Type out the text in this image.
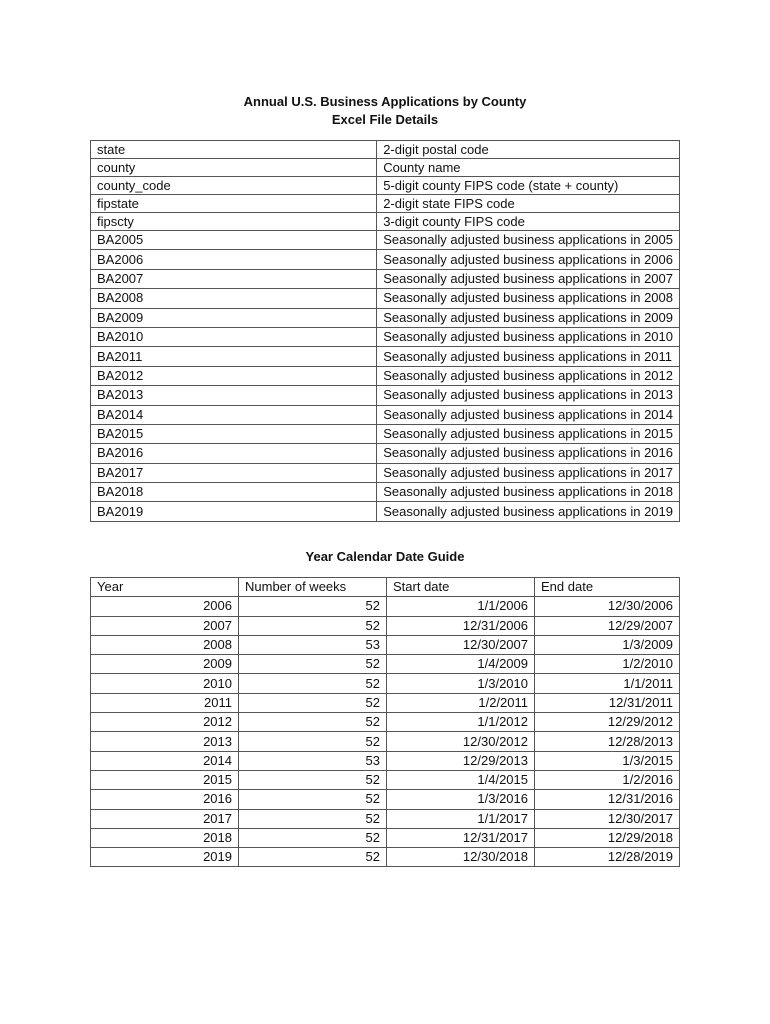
Annual U.S. Business Applications by County
Excel File Details
state	2-digit postal code
county	County name
county_code	5-digit county FIPS code (state + county)
fipstate	2-digit state FIPS code
fipscty	3-digit county FIPS code
BA2005	Seasonally adjusted business applications in 2005
BA2006	Seasonally adjusted business applications in 2006
BA2007	Seasonally adjusted business applications in 2007
BA2008	Seasonally adjusted business applications in 2008
BA2009	Seasonally adjusted business applications in 2009
BA2010	Seasonally adjusted business applications in 2010
BA2011	Seasonally adjusted business applications in 2011
BA2012	Seasonally adjusted business applications in 2012
BA2013	Seasonally adjusted business applications in 2013
BA2014	Seasonally adjusted business applications in 2014
BA2015	Seasonally adjusted business applications in 2015
BA2016	Seasonally adjusted business applications in 2016
BA2017	Seasonally adjusted business applications in 2017
BA2018	Seasonally adjusted business applications in 2018
BA2019	Seasonally adjusted business applications in 2019
Year Calendar Date Guide
Year	Number of weeks	Start date	End date
2006	52	1/1/2006	12/30/2006
2007	52	12/31/2006	12/29/2007
2008	53	12/30/2007	1/3/2009
2009	52	1/4/2009	1/2/2010
2010	52	1/3/2010	1/1/2011
2011	52	1/2/2011	12/31/2011
2012	52	1/1/2012	12/29/2012
2013	52	12/30/2012	12/28/2013
2014	53	12/29/2013	1/3/2015
2015	52	1/4/2015	1/2/2016
2016	52	1/3/2016	12/31/2016
2017	52	1/1/2017	12/30/2017
2018	52	12/31/2017	12/29/2018
2019	52	12/30/2018	12/28/2019
